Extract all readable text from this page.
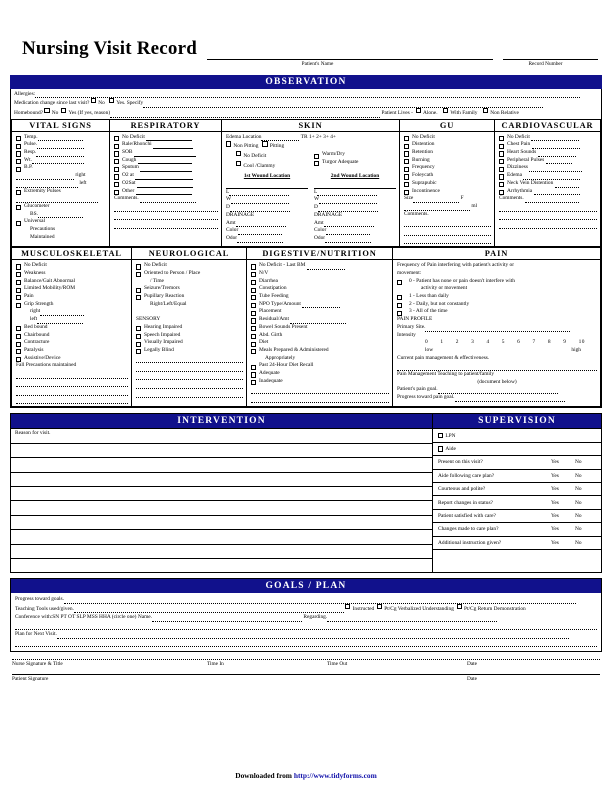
Nursing Visit Record
Patient's Name	Record Number
OBSERVATION
Allergies:
Medication change since last visit? No Yes. Specify
Homebound? No Yes (If yes, reason)	Patient Lives - Alone. With Family Non Relative
VITAL SIGNS
Temp.
Pulse.
Resp.
Wt.
B.P.
right
left
Extremity Pulses
Glucometer
BS.
Universal
Precautions
Maintained

RESPIRATORY
No Deficit
Rale/Rhonchi
SOB
Cough
Sputum
O2 at
O2Sat
Other
Comments.

SKIN
Edema Location	TR 1+ 2+ 3+ 4+
Non Pitting Pitting
No Deficit
Cool /Clammy
Warm/Dry
Turgor Adequate
1st Wound Location
L
W
D
DRAINAGE
Amt
Color
Odor
2nd Wound Location
L
W
D
DRAINAGE
Amt
Color
Odor

GU
No Deficit
Distention
Retention
Burning
Frequency
Foleycath
Suprapubic
Incontinence
Size	F
ml
Comments.

CARDIOVASCULAR
No Deficit
Chest Pain
Heart Sounds
Peripheral Pulses
Dizziness
Edema
Neck Vein Distention
Arrhythmia
Comments.
MUSCULOSKELETAL
No Deficit
Weakness
Balance/Gait Abnormal
Limited Mobility/ROM
Pain
Grip Strength
right
left
Bed bound
Chairbound
Contracture
Paralysis
Assistive/Device
Fall Precautions maintained

NEUROLOGICAL
No Deficit
Oriented to Person / Place
/ Time
Seizure/Tremors
Pupillary Reaction
Right/Left/Equal

SENSORY
Hearing Impaired
Speech Impaired
Visually Impaired
Legally Blind

DIGESTIVE/NUTRITION
No Deficit - Last BM
N/V
Diarrhea
Constipation
Tube Feeding
NPO Type/Amount
Placement
Residual/Amt
Bowel Sounds Present
Abd. Girth
Diet
Meals Prepared & Administered
Appropriately
Past 24-Hour Diet Recall
Adequate
Inadequate

PAIN
Frequency of Pain interfering with patient's activity or
movement:
0 - Patient has none or pain doesn't interfere with
activity or movement
1 - Less than daily
2 - Daily, but not constantly
3 - All of the time
PAIN PROFILE
Primary Site.
Intensity
0 1 2 3 4 5 6 7 8 9 10
low	high
Current pain management & effectiveness.
Pain Management Teaching to patient/family
(document below)
Patient's pain goal.
Progress toward pain goal.
INTERVENTION
Reason for visit.
SUPERVISION
LPN
Aide
Present on this visit?	Yes	No
Aide following care plan?	Yes	No
Courteous and polite?	Yes	No
Report changes in status?	Yes	No
Patient satisfied with care?	Yes	No
Changes made to care plan?	Yes	No
Additional instruction given?	Yes	No
GOALS / PLAN
Progress toward goals.
Teaching Tools used/given.	Instructed Pt/Cg Verbalized Understanding Pt/Cg Return Demonstration
Conference with:SN PT OT SLP MSS HHA (circle one) Name.	Regarding.
Plan for Next Visit.
Nurse Signature & Title	Time In	Time Out	Date
Patient Signature	Date
Downloaded from http://www.tidyforms.com
